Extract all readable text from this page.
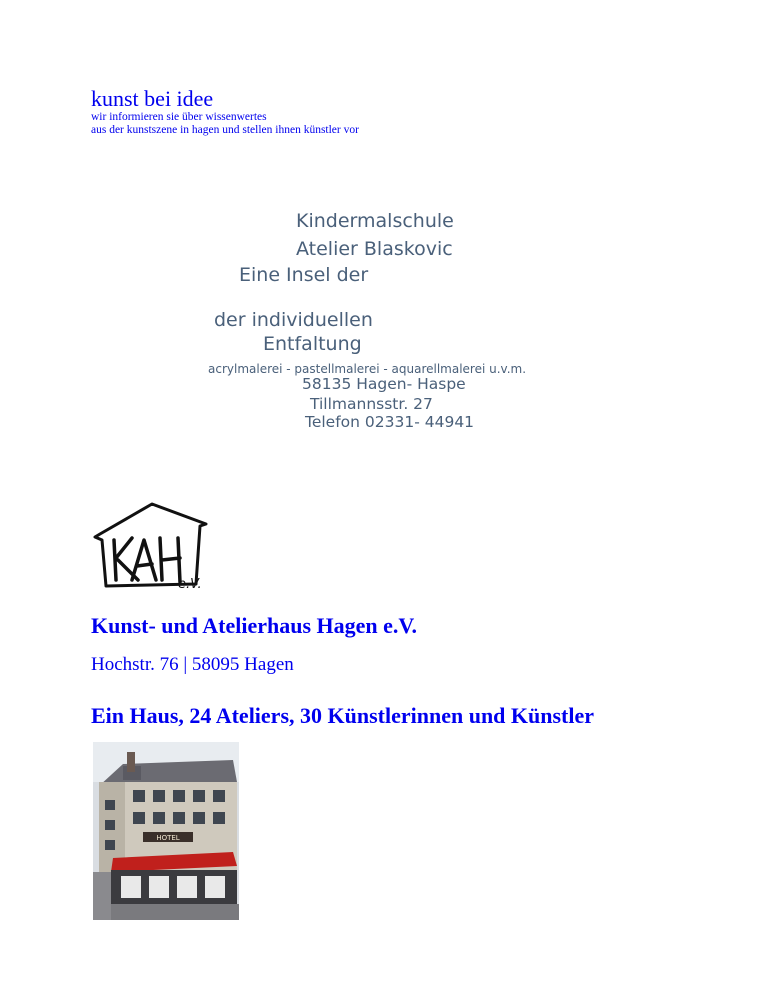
kunst bei idee
wir informieren sie über wissenwertes
aus der kunstszene in hagen und stellen ihnen künstler vor
Kindermalschule
Atelier Blaskovic
Eine Insel der
der individuellen
Entfaltung
acrylmalerei - pastellmalerei - aquarellmalerei u.v.m.
58135 Hagen- Haspe
Tillmannsstr. 27
Telefon 02331- 44941
e.V.
Kunst- und Atelierhaus Hagen e.V.
Hochstr. 76 | 58095 Hagen
Ein Haus, 24 Ateliers, 30 Künstlerinnen und Künstler
HOTEL
